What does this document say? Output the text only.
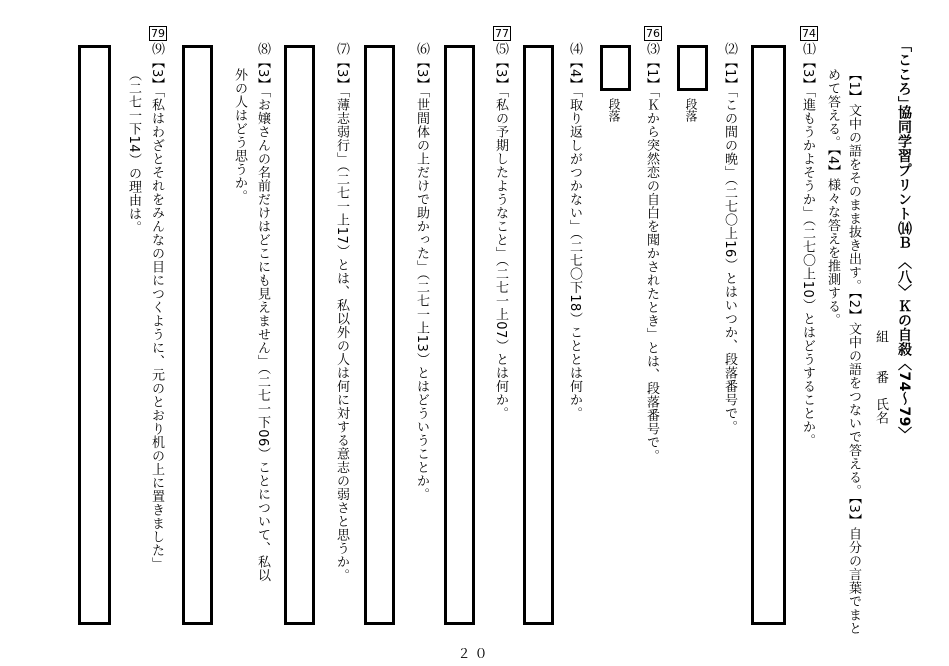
「こころ」
協同学習プリント⒁Ｂ 〈八〉Ｋの自殺〈74～79〉
組　　番　氏名
【1】文中の語をそのまま抜き出す。【2】文中の語をつないで答える。【3】自分の言葉でまと
めて答える。【4】様々な答えを推測する。
74
⑴【3】「進もうかよそうか」（二七〇上10）とはどうすることか。
⑵【1】「この間の晩」（二七〇上16）とはいつか、段落番号で。
段落
76
⑶【1】「Ｋから突然恋の自白を聞かされたとき」とは、段落番号で。
段落
⑷【4】「取り返しがつかない」（二七〇下18）こととは何か。
77
⑸【3】「私の予期したようなこと」（二七一上07）とは何か。
⑹【3】「世間体の上だけで助かった」（二七一上13）とはどういうことか。
⑺【3】「薄志弱行」（二七一上17）とは、私以外の人は何に対する意志の弱さと思うか。
⑻【3】「お嬢さんの名前だけはどこにも見えません」（二七一下06）ことについて、私以
外の人はどう思うか。
79
⑼【3】「私はわざとそれをみんなの目につくように、元のとおり机の上に置きました」
（二七一下14）の理由は。
２０
